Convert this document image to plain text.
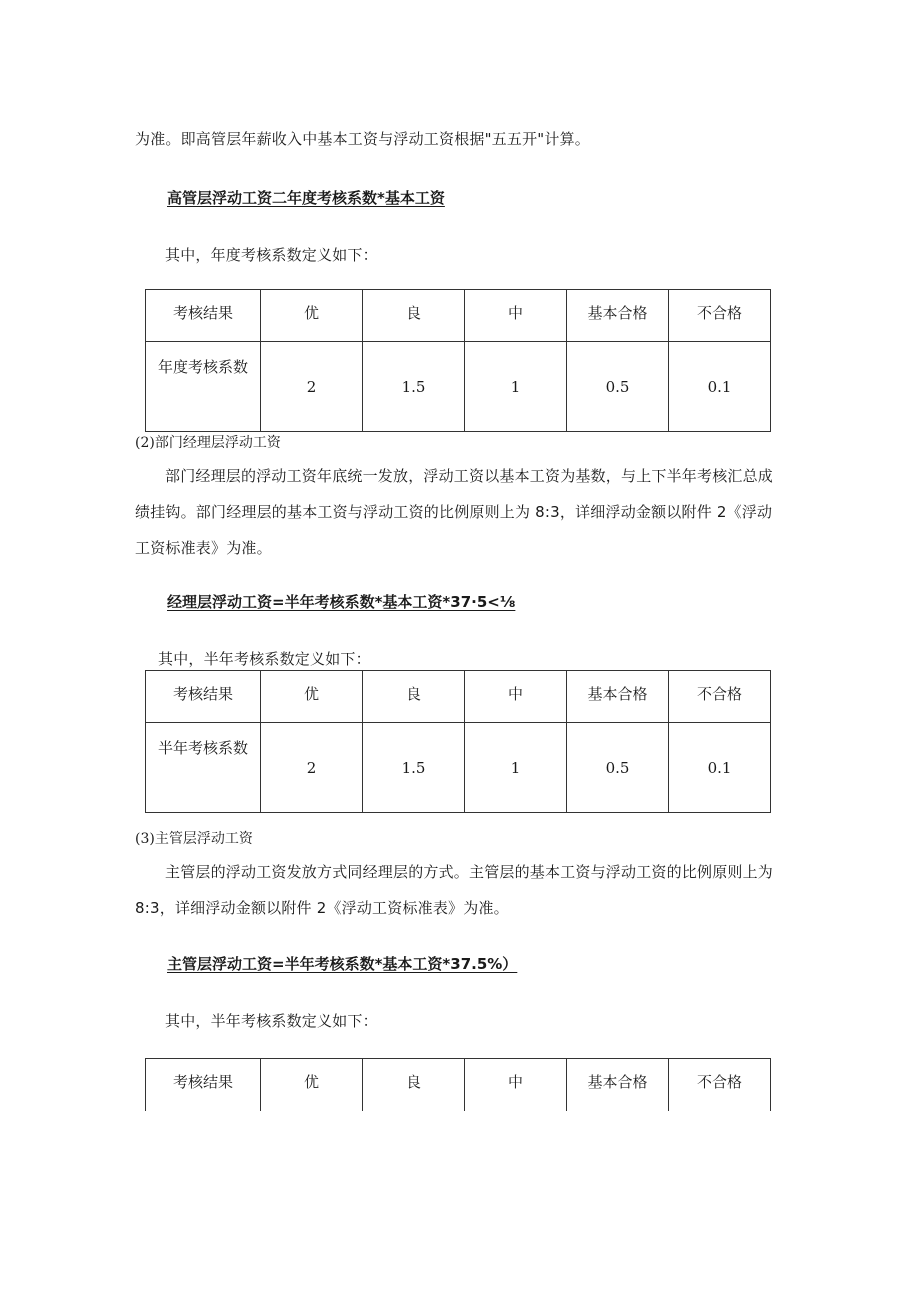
为准。即高管层年薪收入中基本工资与浮动工资根据"五五开"计算。
高管层浮动工资二年度考核系数*基本工资
其中，年度考核系数定义如下：
考核结果	优	良	中	基本合格	不合格
年度考核系数	2	1.5	1	0.5	0.1
(2)部门经理层浮动工资
部门经理层的浮动工资年底统一发放，浮动工资以基本工资为基数，与上下半年考核汇总成
绩挂钩。部门经理层的基本工资与浮动工资的比例原则上为 8:3，详细浮动金额以附件 2《浮动
工资标准表》为准。
经理层浮动工资=半年考核系数*基本工资*37·5<⅛
其中，半年考核系数定义如下：
考核结果	优	良	中	基本合格	不合格
半年考核系数	2	1.5	1	0.5	0.1
(3)主管层浮动工资
主管层的浮动工资发放方式同经理层的方式。主管层的基本工资与浮动工资的比例原则上为
8:3，详细浮动金额以附件 2《浮动工资标准表》为准。
主管层浮动工资=半年考核系数*基本工资*37.5%）
其中，半年考核系数定义如下：
考核结果	优	良	中	基本合格	不合格
